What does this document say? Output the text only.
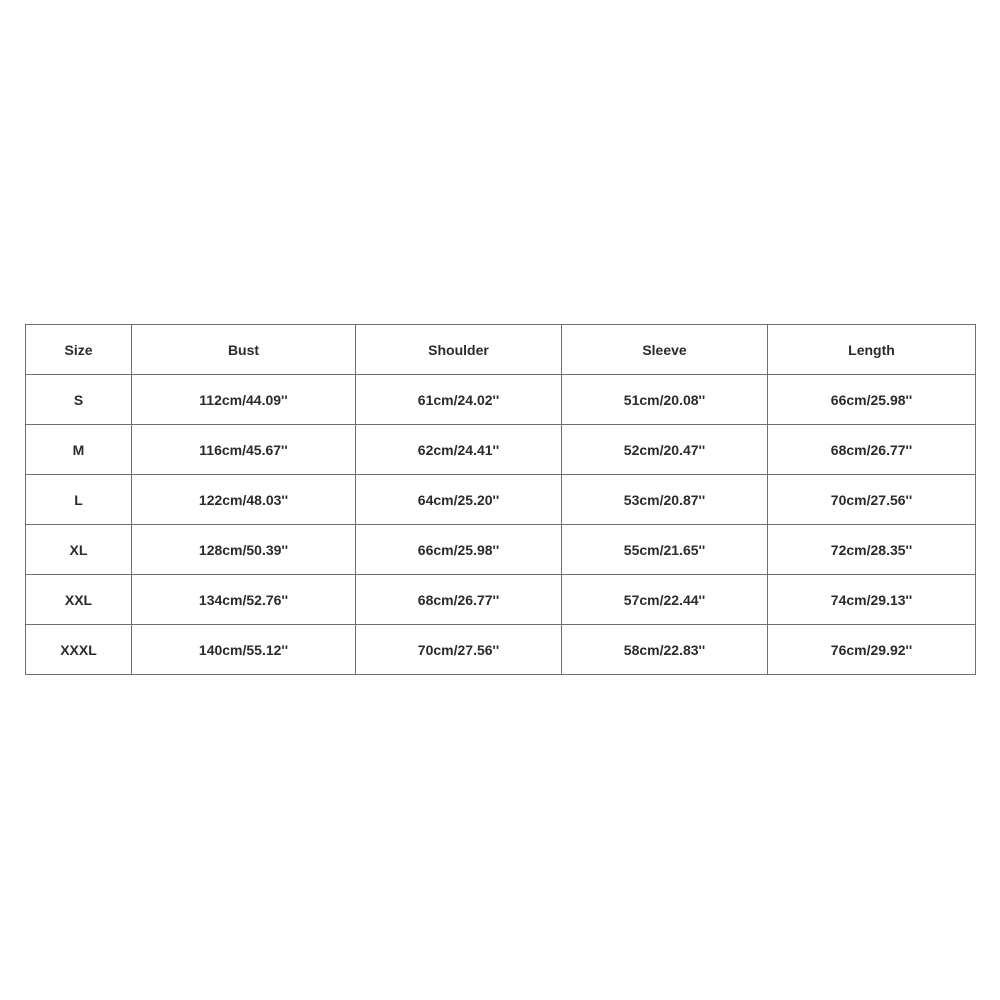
Size	Bust	Shoulder	Sleeve	Length
S	112cm/44.09''	61cm/24.02''	51cm/20.08''	66cm/25.98''
M	116cm/45.67''	62cm/24.41''	52cm/20.47''	68cm/26.77''
L	122cm/48.03''	64cm/25.20''	53cm/20.87''	70cm/27.56''
XL	128cm/50.39''	66cm/25.98''	55cm/21.65''	72cm/28.35''
XXL	134cm/52.76''	68cm/26.77''	57cm/22.44''	74cm/29.13''
XXXL	140cm/55.12''	70cm/27.56''	58cm/22.83''	76cm/29.92''
